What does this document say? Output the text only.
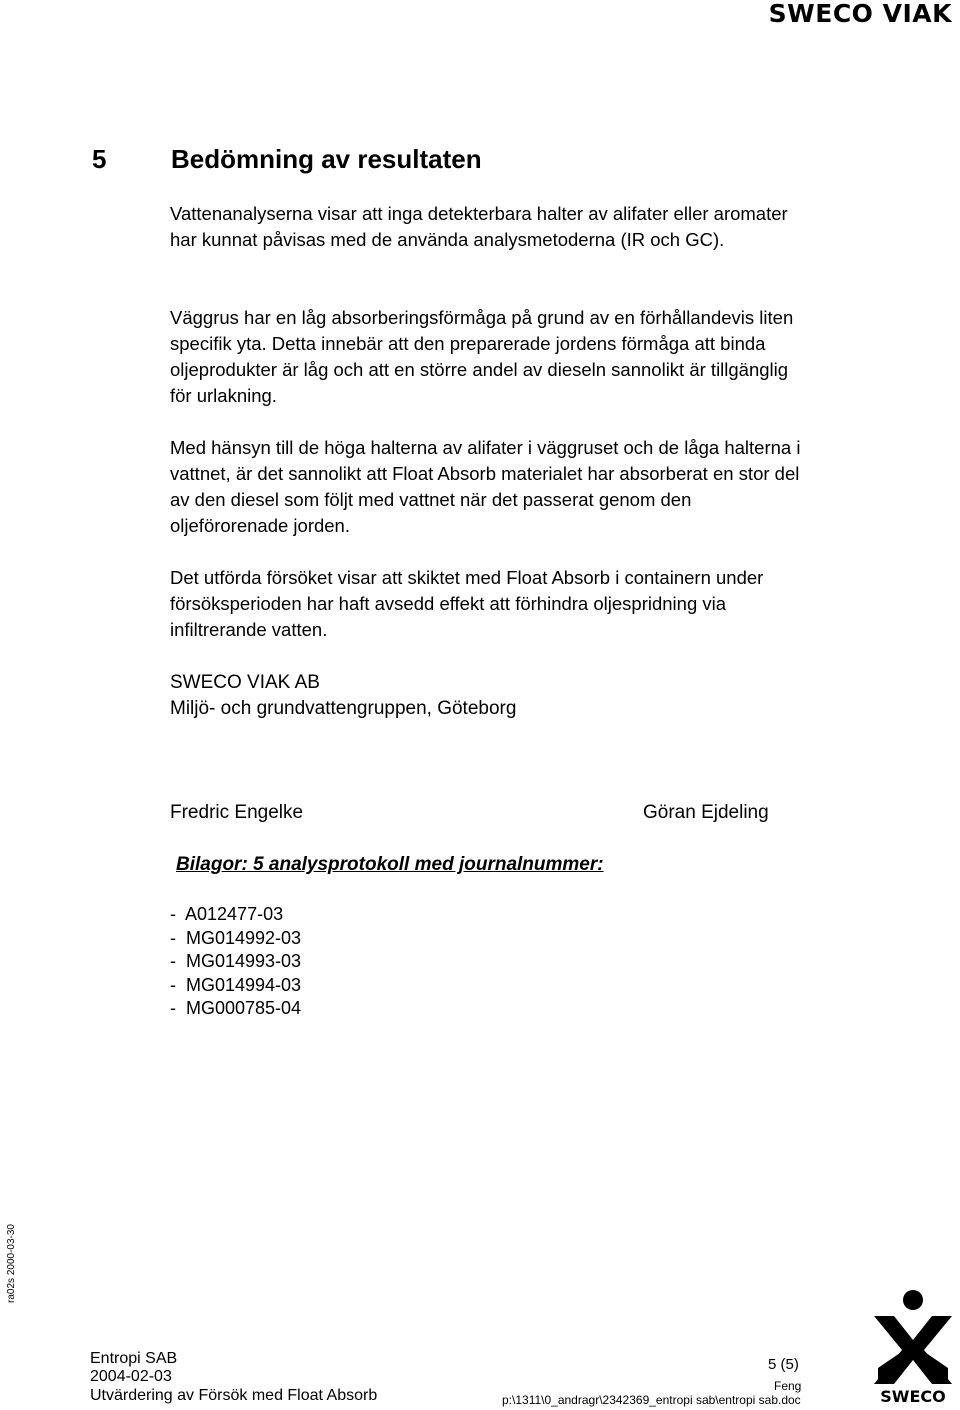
SWECO VIAK
5 Bedömning av resultaten

Vattenanalyserna visar att inga detekterbara halter av alifater eller aromater har kunnat påvisas med de använda analysmetoderna (IR och GC).

Väggrus har en låg absorberingsförmåga på grund av en förhållandevis liten specifik yta. Detta innebär att den preparerade jordens förmåga att binda oljeprodukter är låg och att en större andel av dieseln sannolikt är tillgänglig för urlakning.

Med hänsyn till de höga halterna av alifater i väggruset och de låga halterna i vattnet, är det sannolikt att Float Absorb materialet har absorberat en stor del av den diesel som följt med vattnet när det passerat genom den oljeförorenade jorden.

Det utförda försöket visar att skiktet med Float Absorb i containern under försöksperioden har haft avsedd effekt att förhindra oljespridning via infiltrerande vatten.

SWECO VIAK AB
Miljö- och grundvattengruppen, Göteborg
Fredric Engelke	Göran Ejdeling
Bilagor: 5 analysprotokoll med journalnummer:
-  A012477-03
-  MG014992-03
-  MG014993-03
-  MG014994-03
-  MG000785-04
ra02s 2000-03-30
Entropi SAB
2004-02-03
Utvärdering av Försök med Float Absorb
5 (5)
Feng
p:\1311\0_andragr\2342369_entropi sab\entropi sab.doc	SWECO
